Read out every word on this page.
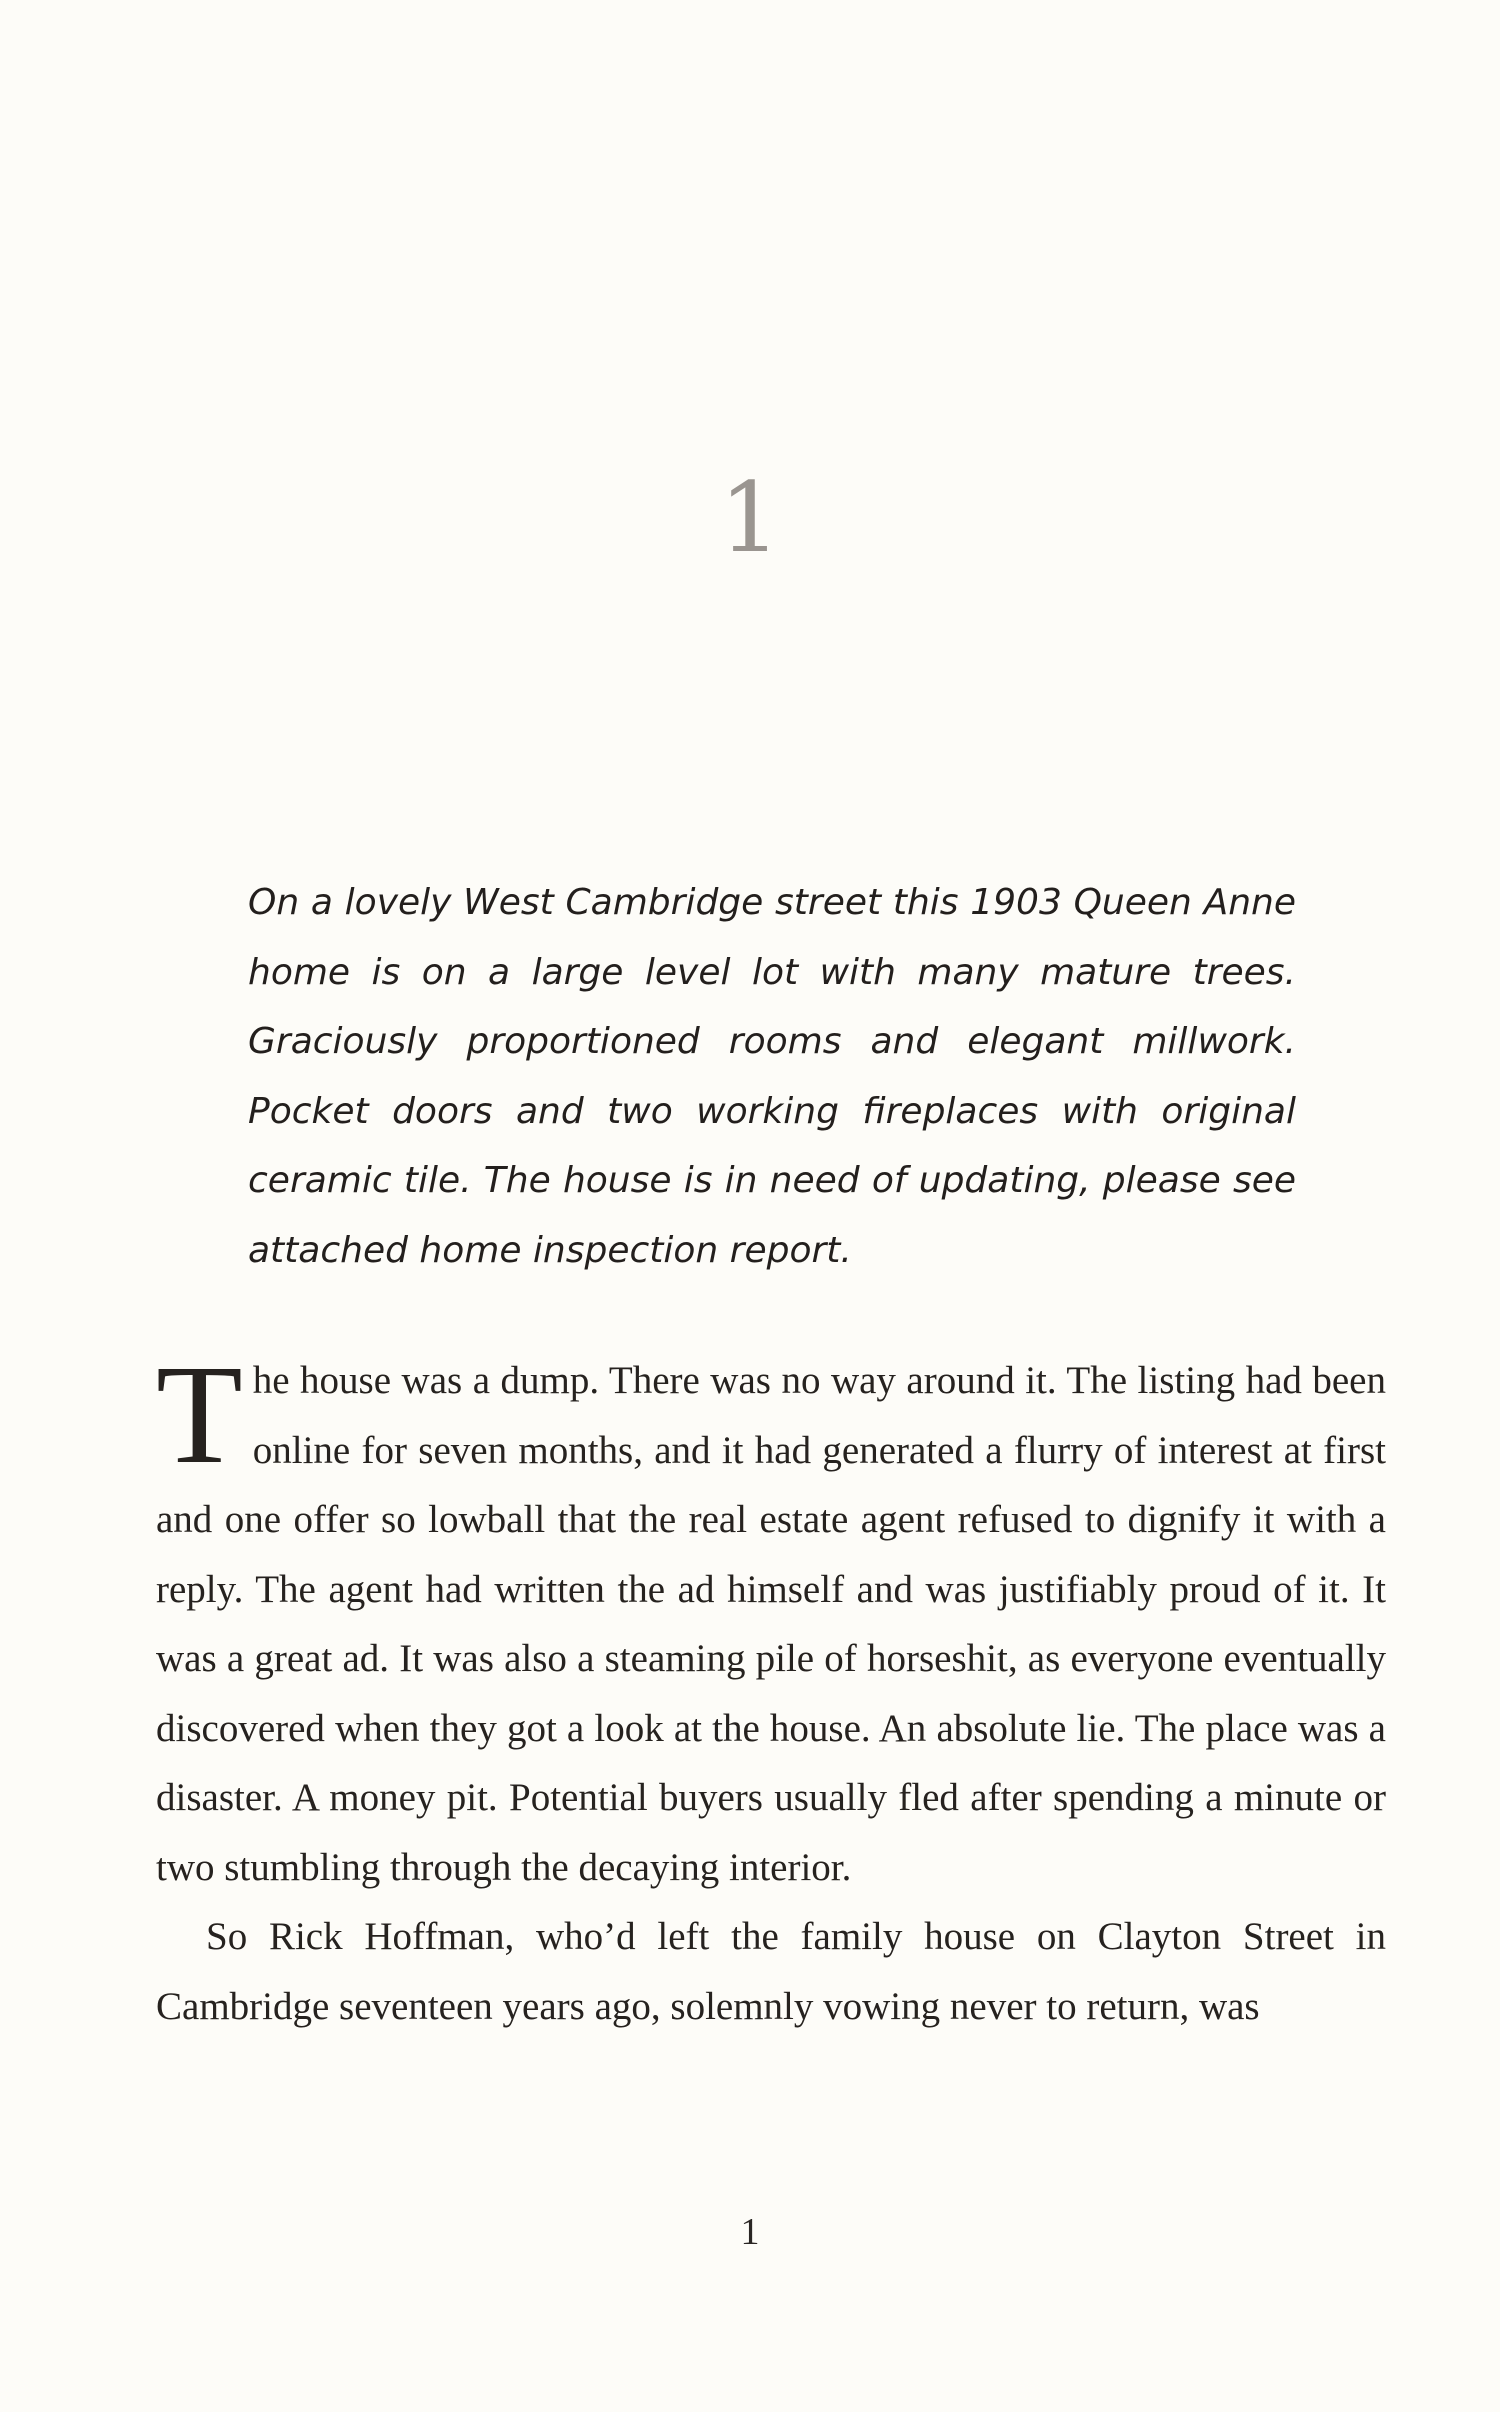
1
On a lovely West Cambridge street this 1903 Queen Anne home is on a large level lot with many mature trees. Graciously proportioned rooms and elegant millwork. Pocket doors and two working fireplaces with original ceramic tile. The house is in need of updating, please see attached home inspection report.

The house was a dump. There was no way around it. The listing had been online for seven months, and it had generated a flurry of interest at first and one offer so lowball that the real estate agent refused to dignify it with a reply. The agent had written the ad himself and was justifiably proud of it. It was a great ad. It was also a steaming pile of horseshit, as everyone eventually discovered when they got a look at the house. An absolute lie. The place was a disaster. A money pit. Potential buyers usually fled after spending a minute or two stumbling through the decaying interior.

So Rick Hoffman, who’d left the family house on Clayton Street in Cambridge seventeen years ago, solemnly vowing never to return, was

1
